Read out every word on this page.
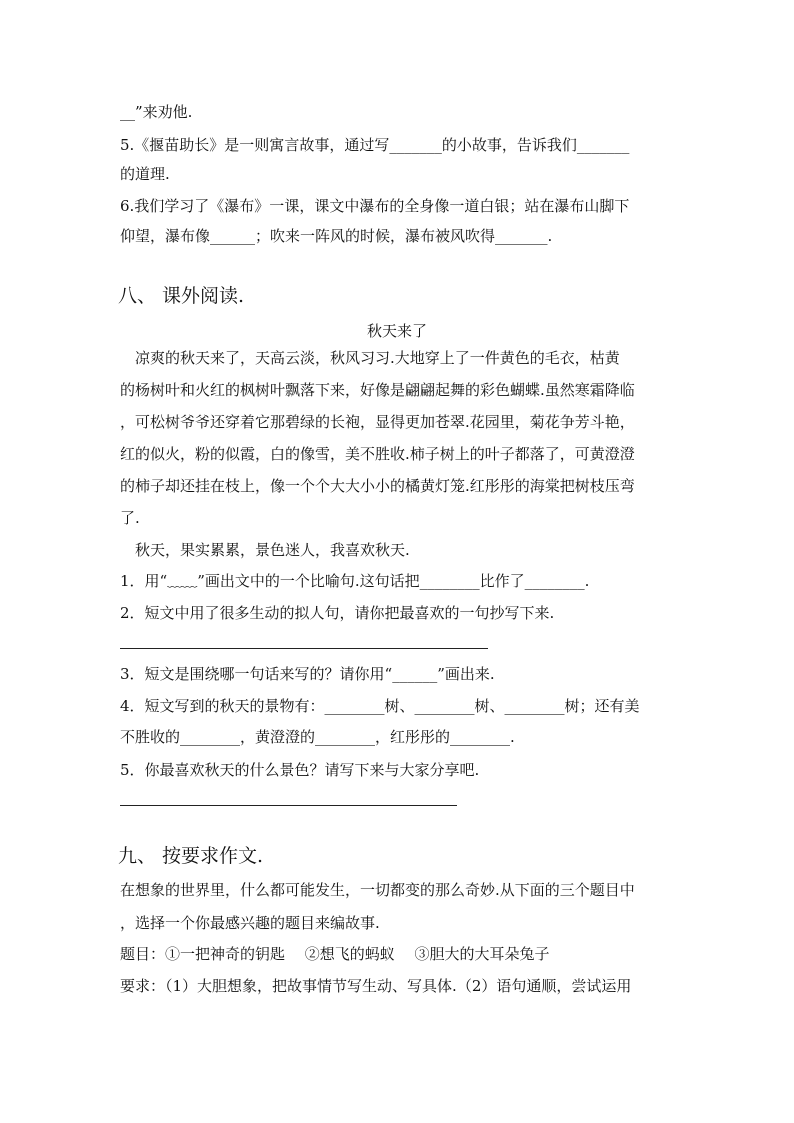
__”来劝他.
5.《揠苗助长》是一则寓言故事，通过写_______的小故事，告诉我们_______
的道理.
6.我们学习了《瀑布》一课，课文中瀑布的全身像一道白银；站在瀑布山脚下
仰望，瀑布像______；吹来一阵风的时候，瀑布被风吹得_______.
八、 课外阅读.
秋天来了
　凉爽的秋天来了，天高云淡，秋风习习.大地穿上了一件黄色的毛衣，枯黄
的杨树叶和火红的枫树叶飘落下来，好像是翩翩起舞的彩色蝴蝶.虽然寒霜降临
，可松树爷爷还穿着它那碧绿的长袍，显得更加苍翠.花园里，菊花争芳斗艳，
红的似火，粉的似霞，白的像雪，美不胜收.柿子树上的叶子都落了，可黄澄澄
的柿子却还挂在枝上，像一个个大大小小的橘黄灯笼.红彤彤的海棠把树枝压弯
了.
　秋天，果实累累，景色迷人，我喜欢秋天.
1．用“﹏﹏”画出文中的一个比喻句.这句话把________比作了________.
2．短文中用了很多生动的拟人句，请你把最喜欢的一句抄写下来.
3．短文是围绕哪一句话来写的？请你用“______”画出来.
4．短文写到的秋天的景物有：________树、________树、________树；还有美
不胜收的________，黄澄澄的________，红彤彤的________.
5．你最喜欢秋天的什么景色？请写下来与大家分享吧.
九、 按要求作文.
在想象的世界里，什么都可能发生，一切都变的那么奇妙.从下面的三个题目中
，选择一个你最感兴趣的题目来编故事.
题目：①一把神奇的钥匙　 ②想飞的蚂蚁　 ③胆大的大耳朵兔子
要求：（1）大胆想象，把故事情节写生动、写具体.（2）语句通顺，尝试运用
